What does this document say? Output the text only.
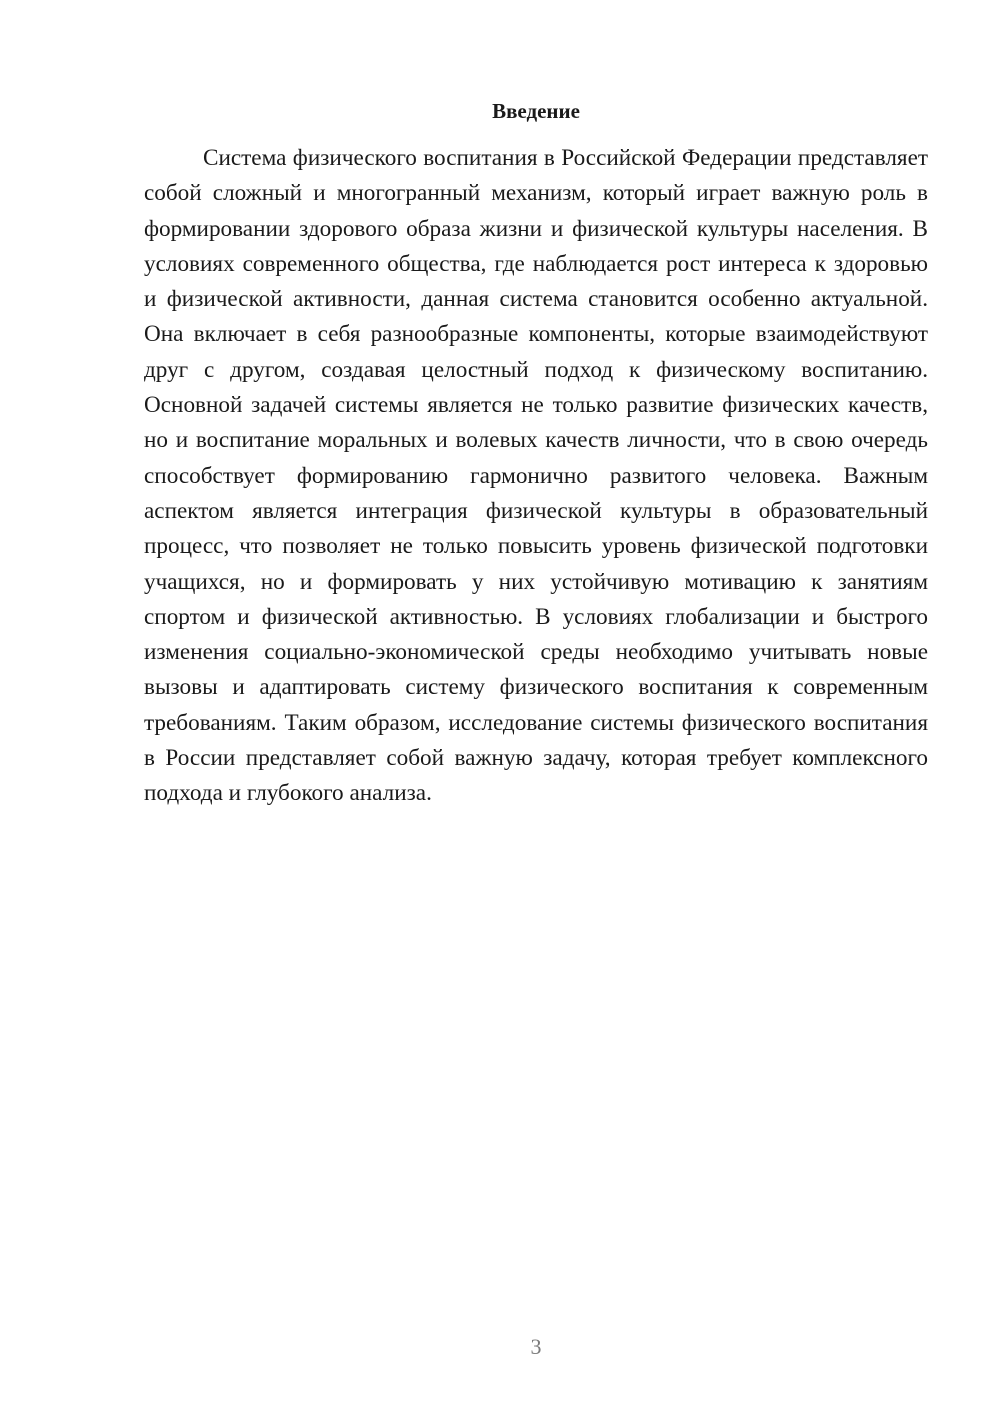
Введение

Система физического воспитания в Российской Федерации представляет собой сложный и многогранный механизм, который играет важную роль в формировании здорового образа жизни и физической культуры населения. В условиях современного общества, где наблюдается рост интереса к здоровью и физической активности, данная система становится особенно актуальной. Она включает в себя разнообразные компоненты, которые взаимодействуют друг с другом, создавая целостный подход к физическому воспитанию. Основной задачей системы является не только развитие физических качеств, но и воспитание моральных и волевых качеств личности, что в свою очередь способствует формированию гармонично развитого человека. Важным аспектом является интеграция физической культуры в образовательный процесс, что позволяет не только повысить уровень физической подготовки учащихся, но и формировать у них устойчивую мотивацию к занятиям спортом и физической активностью. В условиях глобализации и быстрого изменения социально-экономической среды необходимо учитывать новые вызовы и адаптировать систему физического воспитания к современным требованиям. Таким образом, исследование системы физического воспитания в России представляет собой важную задачу, которая требует комплексного подхода и глубокого анализа.

3
